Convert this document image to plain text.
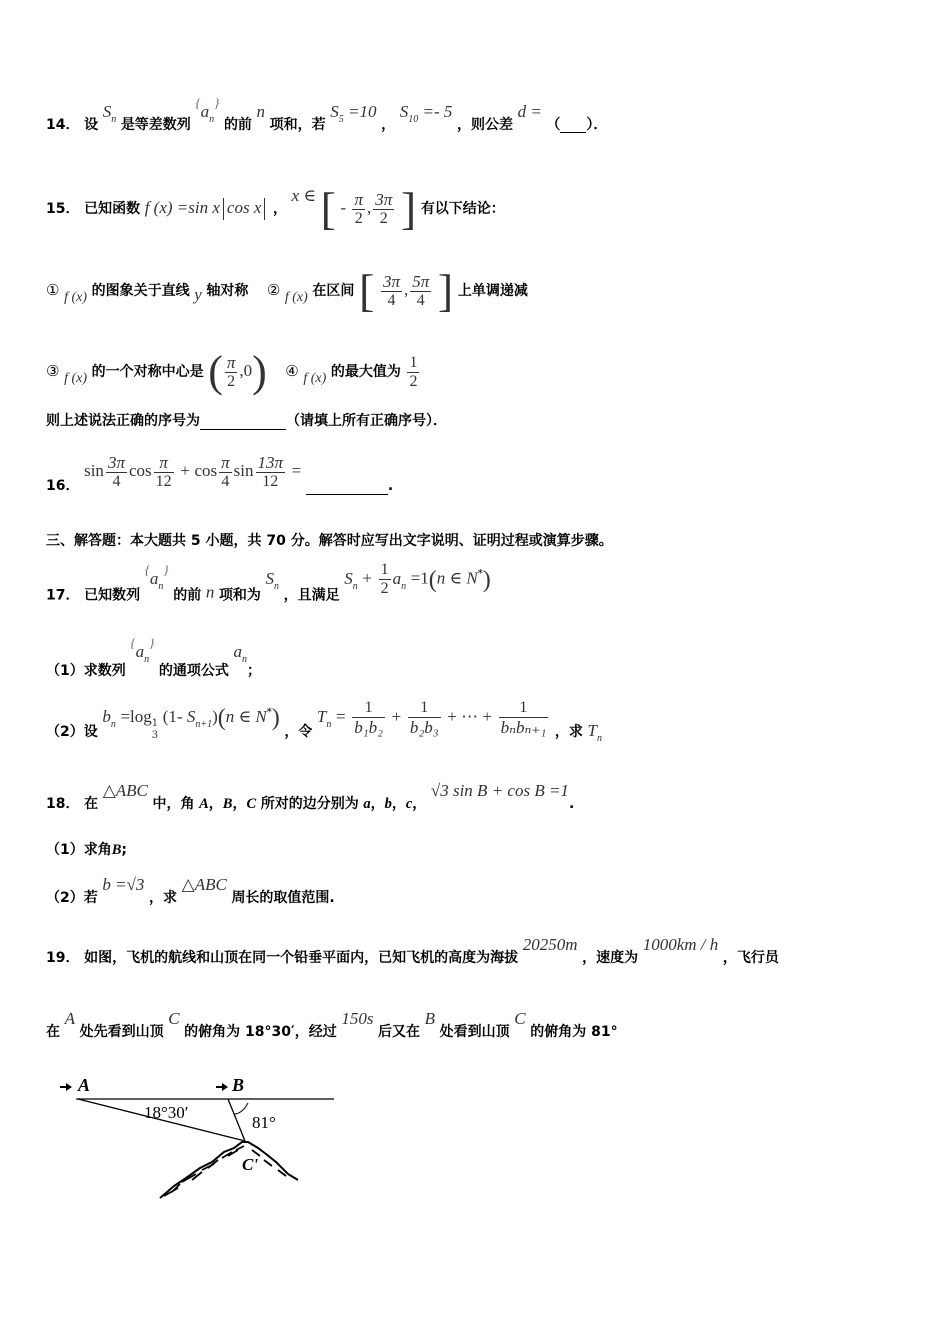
14． 设 $S_n$ 是等差数列 $^{\{}a_n^{\}}$ 的前 n 项和，若 $S_5 =10$ ， $S_{10} =- 5$ ，则公差 d = （ ）．
15． 已知函数 f (x) =sin x cos x ， x ∈ [ - $\frac{\pi}{2}$ , $\frac{3\pi}{2}$ ] 有以下结论：
① f (x) 的图象关于直线 y 轴对称 ② f (x) 在区间 [ $\frac{3\pi}{4}$ , $\frac{5\pi}{4}$ ] 上单调递减
③ f (x) 的一个对称中心是 ( $\frac{\pi}{2} ,0$) ④ f (x) 的最大值为 $\frac{1}{2}$
则上述说法正确的序号为	（请填上所有正确序号）．
16． $\sin \frac{3\pi}{4}$ $\cos \frac{\pi}{12} + \cos \frac{\pi}{4}$ $\sin \frac{13\pi}{12}$ =  .
三、解答题：本大题共 5 小题，共 70 分。解答时应写出文字说明、证明过程或演算步骤。
17． 已知数列 $^{\{}a_n^{\}}$ 的前 n 项和为 $S_n$ ，且满足 $S_n + \frac{1}{2} a_n =1(n$ ∈ N*)
（1）求数列 $^{\{}a_n^{\}}$ 的通项公式 $a_n$；
（2）设 $b_n =\log$ 1
3
(1- $S_{n+1})(n$ ∈ N*) ，令 $T_n = \frac{1}{\text{b₁b₂}} + \frac{1}{\text{b₂b₃}}$ + ⋯ + $\frac{1}{\text{bₙbₙ₊₁}}$ ，求 $T_n$
18． 在 △ABC 中，角 A，B，C 所对的边分别为 a，b，c， √3 sin B + cos B =1.
（1）求角B;
（2）若 b =√3 ，求 △ABC 周长的取值范围.
19． 如图，飞机的航线和山顶在同一个铅垂平面内，已知飞机的高度为海拔 20250m ，速度为 1000km / h ，飞行员
在 A 处先看到山顶 C 的俯角为 18°30′，经过 150s 后又在 B 处看到山顶 C 的俯角为 81°
A	B
18°30′
81°
C'
